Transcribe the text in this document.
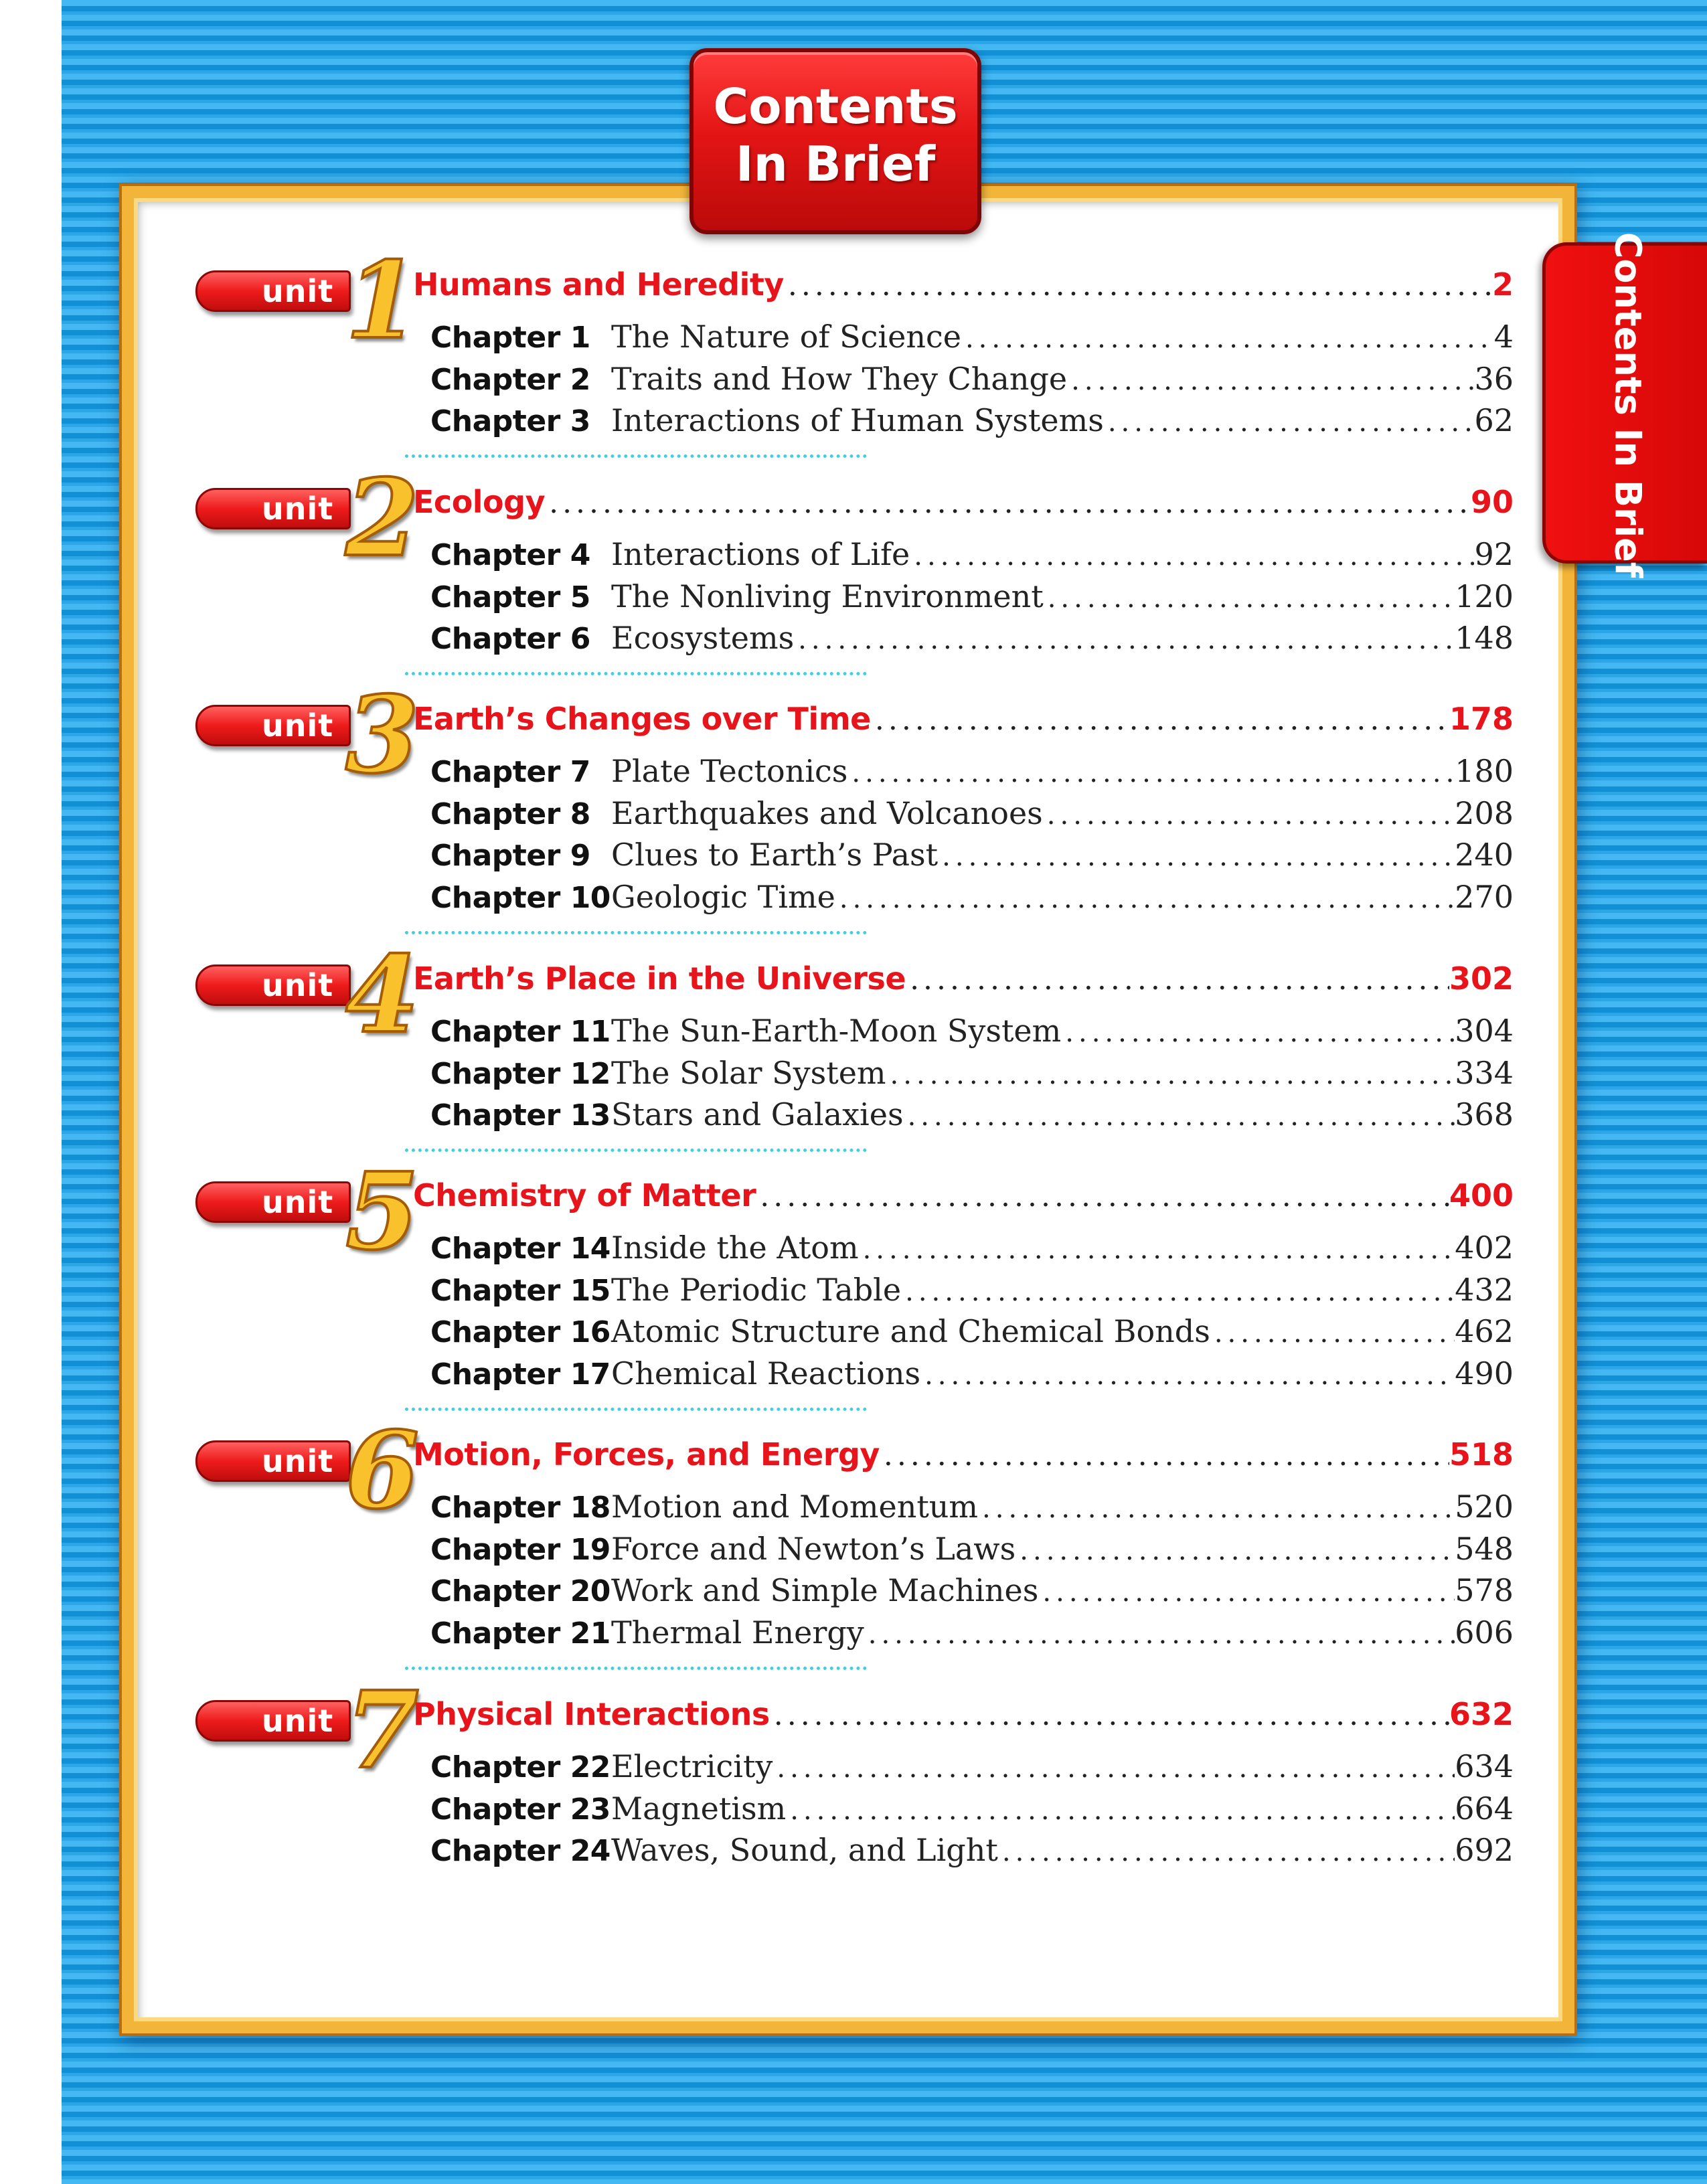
Contents
In Brief
Contents In Brief
unit 1
Humans and Heredity .....	2
Chapter 1 The Nature of Science .....	4
Chapter 2 Traits and How They Change .....	36
Chapter 3 Interactions of Human Systems .....	62
unit 2
Ecology .....	90
Chapter 4 Interactions of Life .....	92
Chapter 5 The Nonliving Environment .....	120
Chapter 6 Ecosystems .....	148
unit 3
Earth’s Changes over Time .....	178
Chapter 7 Plate Tectonics .....	180
Chapter 8 Earthquakes and Volcanoes .....	208
Chapter 9 Clues to Earth’s Past .....	240
Chapter 10 Geologic Time .....	270
unit 4
Earth’s Place in the Universe .....	302
Chapter 11 The Sun-Earth-Moon System .....	304
Chapter 12 The Solar System .....	334
Chapter 13 Stars and Galaxies .....	368
unit 5
Chemistry of Matter .....	400
Chapter 14 Inside the Atom .....	402
Chapter 15 The Periodic Table .....	432
Chapter 16 Atomic Structure and Chemical Bonds .....	462
Chapter 17 Chemical Reactions .....	490
unit 6
Motion, Forces, and Energy .....	518
Chapter 18 Motion and Momentum .....	520
Chapter 19 Force and Newton’s Laws .....	548
Chapter 20 Work and Simple Machines .....	578
Chapter 21 Thermal Energy .....	606
unit 7
Physical Interactions .....	632
Chapter 22 Electricity .....	634
Chapter 23 Magnetism .....	664
Chapter 24 Waves, Sound, and Light .....	692
